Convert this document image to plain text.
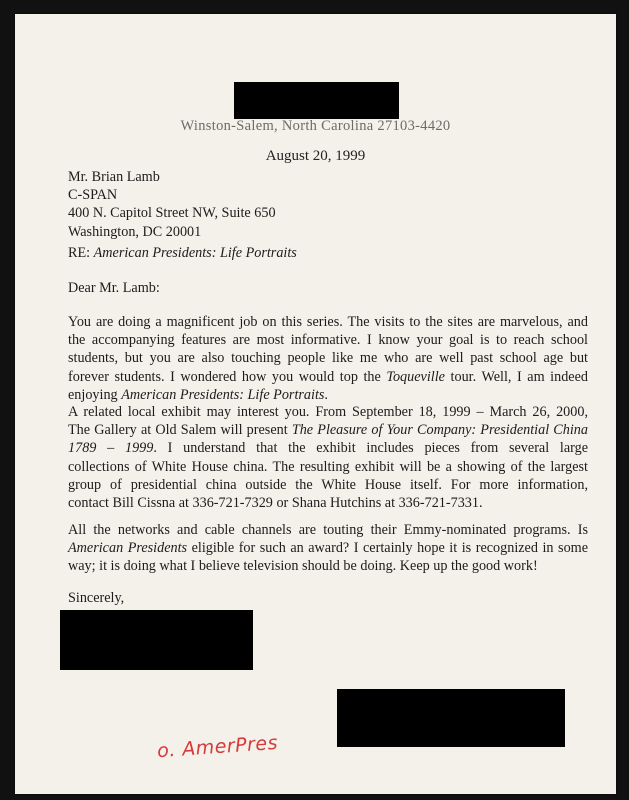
Winston-Salem, North Carolina 27103-4420
August 20, 1999
Mr. Brian Lamb
C-SPAN
400 N. Capitol Street NW, Suite 650
Washington, DC 20001
RE: American Presidents: Life Portraits
Dear Mr. Lamb:
You are doing a magnificent job on this series. The visits to the sites are marvelous, and
the accompanying features are most informative. I know your goal is to reach school
students, but you are also touching people like me who are well past school age but
forever students. I wondered how you would top the Toqueville tour. Well, I am indeed
enjoying American Presidents: Life Portraits.
A related local exhibit may interest you. From September 18, 1999 – March 26, 2000,
The Gallery at Old Salem will present The Pleasure of Your Company: Presidential China
1789 – 1999. I understand that the exhibit includes pieces from several large
collections of White House china. The resulting exhibit will be a showing of the largest
group of presidential china outside the White House itself. For more information,
contact Bill Cissna at 336-721-7329 or Shana Hutchins at 336-721-7331.
All the networks and cable channels are touting their Emmy-nominated programs. Is
American Presidents eligible for such an award? I certainly hope it is recognized in some
way; it is doing what I believe television should be doing. Keep up the good work!
Sincerely,
o. AmerPres
